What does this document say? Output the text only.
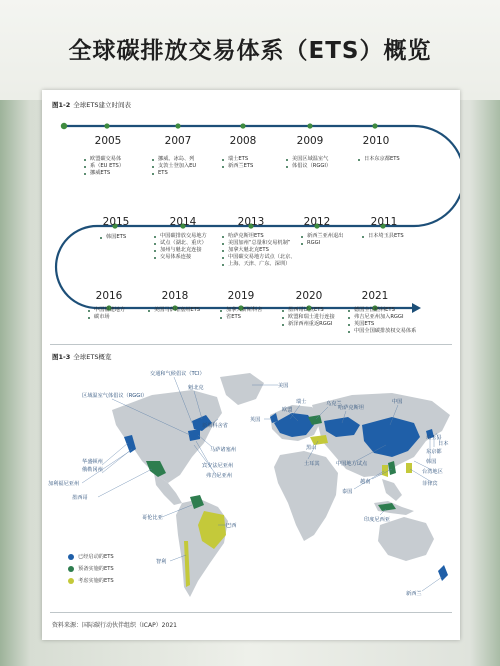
全球碳排放交易体系（ETS）概览
图1-2 全球ETS建立时间表
2005
欧盟碳交易体
系（EU ETS）
挪威ETS
2007
挪威、冰岛、列
支敦士登加入EU
ETS
2008
瑞士ETS
新西兰ETS
2009
美国区域温室气
体倡议（RGGI）
2010
日本东京都ETS
2015
韩国ETS
2014
中国碳排放交易地方
试点（湖北、重庆）
加州与魁北克连接
交易体系连接
2013
哈萨克斯坦ETS
美国加州“总量和交易机制”
加拿大魁北克ETS
中国碳交易地方试点（北京、
上海、天津、广东、深圳）
2012
新西兰亚州退出
RGGI
2011
日本埼玉县ETS
2016
中国福建地方
碳市场
2018
美国马萨诸塞州ETS
2019
加拿大新斯科舍
省ETS
2020
墨西哥试点ETS
欧盟和瑞士进行连接
新泽西州重返RGGI
2021
德国全国燃料ETS
弗吉尼亚州加入RGGI
英国ETS
中国全国碳排放权交易体系
图1-3 全球ETS概览
交通和气候倡议（TCI）
区域温室气体倡议（RGGI）
魁北克
新斯科舍省
马萨诸塞州
华盛顿州
俄勒冈州
加利福尼亚州
宾夕法尼亚州
弗吉尼亚州
墨西哥
哥伦比亚
巴西
智利
美国
瑞士
欧盟
英国
乌克兰
哈萨克斯坦
土耳其
中国
韩国
日本
埼玉县
东京都
中国地方试点
台湾地区
越南
泰国
菲律宾
印度尼西亚
新西兰
黑山
已经启动的ETS
预备实施的ETS
考虑实施的ETS
资料来源：国际碳行动伙伴组织（ICAP）2021
